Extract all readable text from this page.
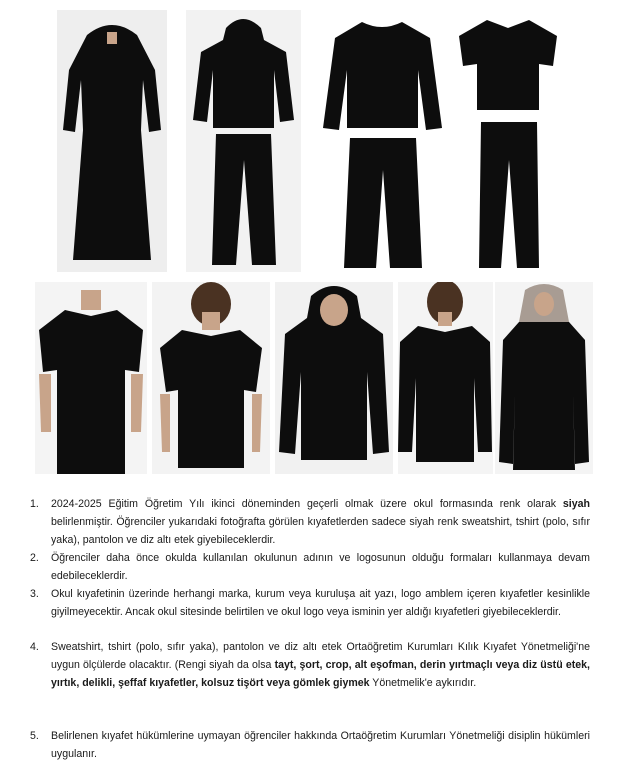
1.	2024-2025 Eğitim Öğretim Yılı ikinci döneminden geçerli olmak üzere okul formasında renk olarak siyah belirlenmiştir. Öğrenciler yukarıdaki fotoğrafta görülen kıyafetlerden sadece siyah renk sweatshirt, tshirt (polo, sıfır yaka), pantolon ve diz altı etek giyebileceklerdir.
2.	Öğrenciler daha önce okulda kullanılan okulunun adının ve logosunun olduğu formaları kullanmaya devam edebileceklerdir.
3.	Okul kıyafetinin üzerinde herhangi marka, kurum veya kuruluşa ait yazı, logo amblem içeren kıyafetler kesinlikle giyilmeyecektir. Ancak okul sitesinde belirtilen ve okul logo veya isminin yer aldığı kıyafetleri giyebileceklerdir.
4.	Sweatshirt, tshirt (polo, sıfır yaka), pantolon ve diz altı etek Ortaöğretim Kurumları Kılık Kıyafet Yönetmeliği'ne uygun ölçülerde olacaktır. (Rengi siyah da olsa tayt, şort, crop, alt eşofman, derin yırtmaçlı veya diz üstü etek, yırtık, delikli, şeffaf kıyafetler, kolsuz tişört veya gömlek giymek Yönetmelik'e aykırıdır.
5.	Belirlenen kıyafet hükümlerine uymayan öğrenciler hakkında Ortaöğretim Kurumları Yönetmeliği disiplin hükümleri uygulanır.
